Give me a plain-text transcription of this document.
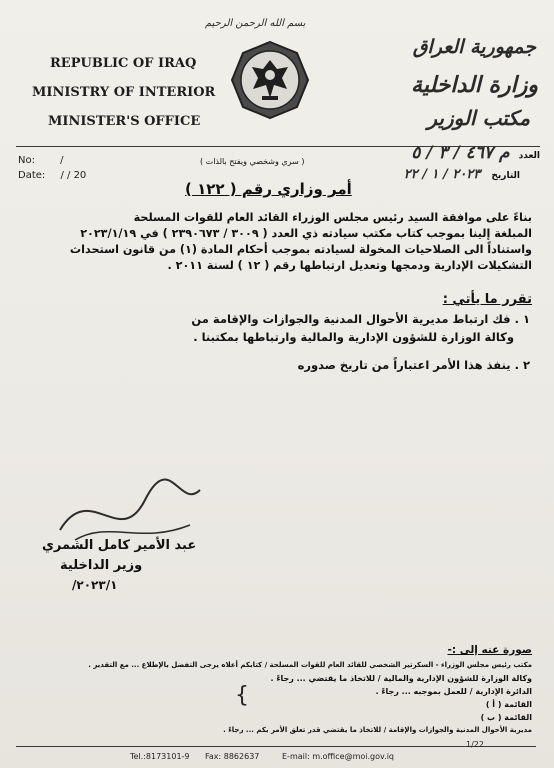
بسم الله الرحمن الرحيم
REPUBLIC OF IRAQ
MINISTRY OF INTERIOR
MINISTER'S OFFICE
جمهورية العراق
وزارة الداخلية
مكتب الوزير
No:	/
Date: / / 20
( سري وشخصي ويفتح بالذات )
العدد م ٤٦٧ / ٣ / ٥
التاريخ ٢٠٢٣ / ١ / ٢٢
أمر وزاري رقم ( ١٢٢ )
بناءً على موافقة السيد رئيس مجلس الوزراء القائد العام للقوات المسلحة
المبلغة إلينا بموجب كتاب مكتب سيادته ذي العدد ( ٣٠٠٩ / ٢٣٩٠٦٧٣ ) في ٢٠٢٣/١/١٩
واستناداً الى الصلاحيات المخولة لسيادته بموجب أحكام المادة (١) من قانون استحداث
التشكيلات الإدارية ودمجها وتعديل ارتباطها رقم ( ١٢ ) لسنة ٢٠١١ .
تقرر ما يأتي :
١ . فك ارتباط مديرية الأحوال المدنية والجوازات والإقامة من
وكالة الوزارة للشؤون الإدارية والمالية وارتباطها بمكتبنا .
٢ . ينفذ هذا الأمر اعتباراً من تاريخ صدوره
عبد الأمير كامل الشمري
وزير الداخلية
٢٠٢٣/١/
صورة عنه إلى :-
مكتب رئيس مجلس الوزراء - السكرتير الشخصي للقائد العام للقوات المسلحة / كتابكم أعلاه يرجى التفضل بالإطلاع ... مع التقدير .
وكالة الوزارة للشؤون الإدارية والمالية / للاتخاذ ما يقتضي ... رجاءً .
الدائرة الإدارية / للعمل بموجبه ... رجاءً .
{	القائمة ( أ )
القائمة ( ب )
مديرية الأحوال المدنية والجوازات والإقامة / للاتخاذ ما يقتضي قدر تعلق الأمر بكم ... رجاءً .
Tel.:8173101-9 Fax: 8862637	E-mail: m.office@moi.gov.iq
1/22
